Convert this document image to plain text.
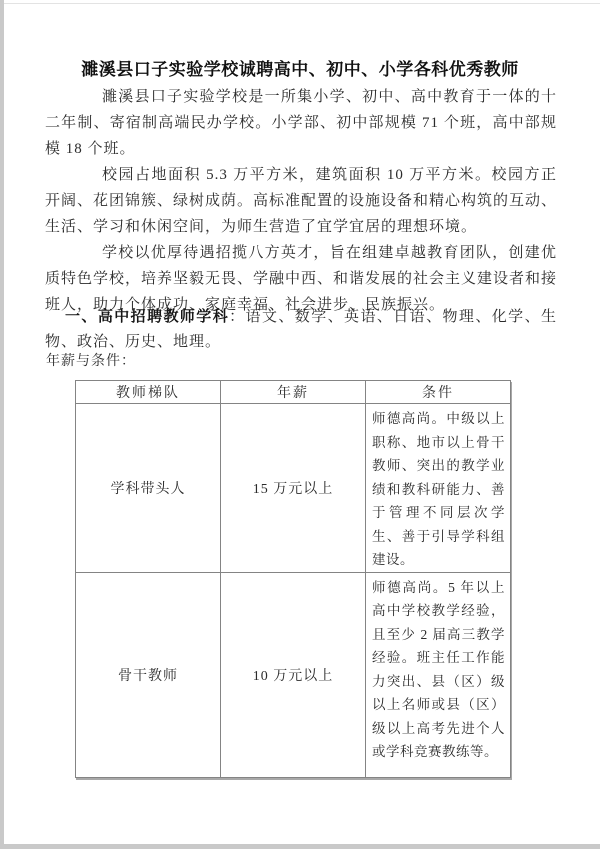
濉溪县口子实验学校诚聘高中、初中、小学各科优秀教师

濉溪县口子实验学校是一所集小学、初中、高中教育于一体的十二年制、寄宿制高端民办学校。小学部、初中部规模 71 个班，高中部规模 18 个班。

校园占地面积 5.3 万平方米，建筑面积 10 万平方米。校园方正开阔、花团锦簇、绿树成荫。高标准配置的设施设备和精心构筑的互动、生活、学习和休闲空间，为师生营造了宜学宜居的理想环境。

学校以优厚待遇招揽八方英才，旨在组建卓越教育团队，创建优质特色学校，培养坚毅无畏、学融中西、和谐发展的社会主义建设者和接班人，助力个体成功、家庭幸福、社会进步、民族振兴。

一、高中招聘教师学科：语文、数学、英语、日语、物理、化学、生物、政治、历史、地理。

年薪与条件：

教师梯队	年薪	条件
学科带头人	15 万元以上	师德高尚。中级以上职称、地市以上骨干教师、突出的教学业绩和教科研能力、善于管理不同层次学生、善于引导学科组建设。
骨干教师	10 万元以上	师德高尚。5 年以上高中学校教学经验，且至少 2 届高三教学经验。班主任工作能力突出、县（区）级以上名师或县（区）级以上高考先进个人或学科竞赛教练等。
